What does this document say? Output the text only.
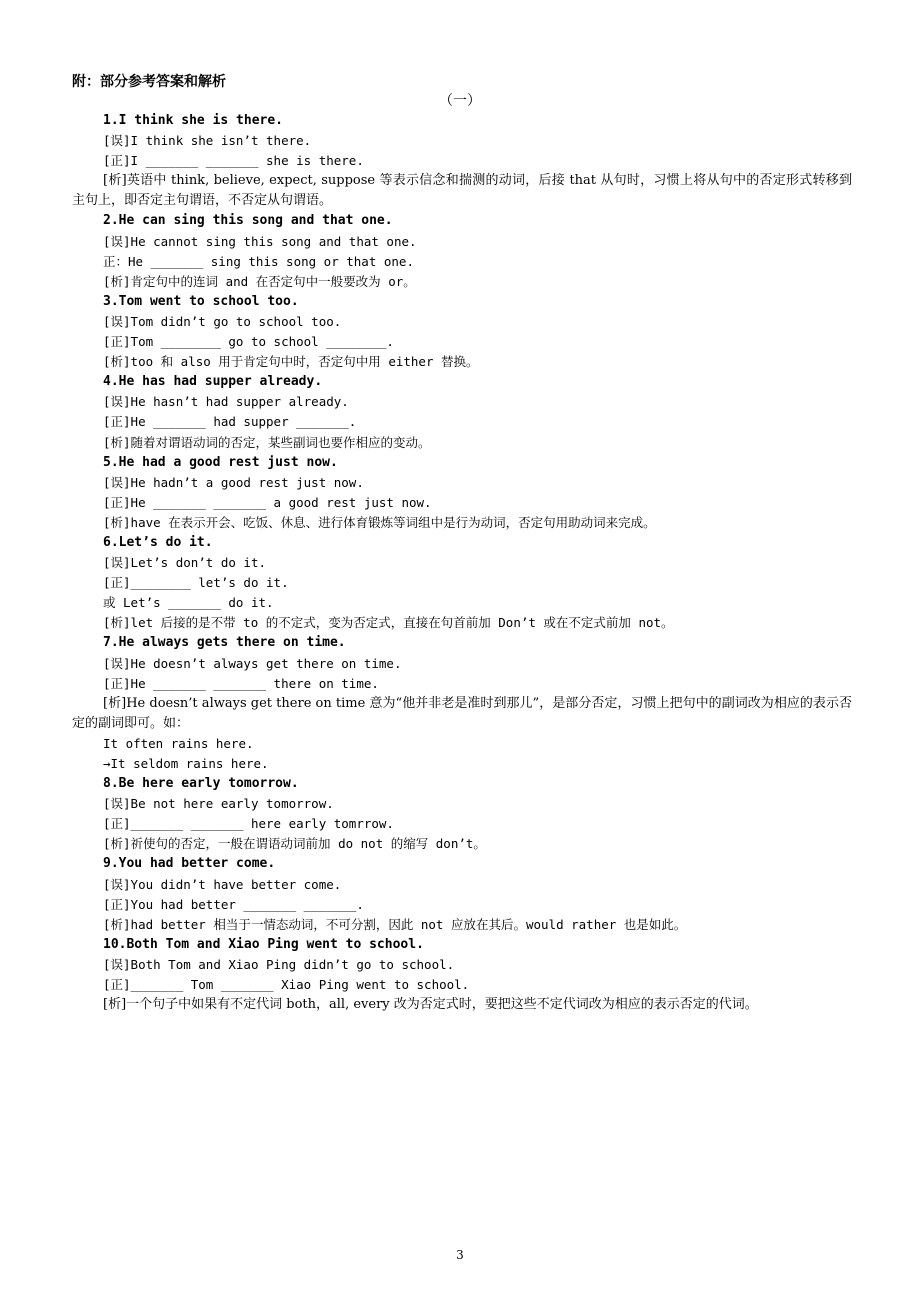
附：部分参考答案和解析
（一）
1.I think she is there.
[误]I think she isn’t there.
[正]I _______ _______ she is there.
[析]英语中 think, believe, expect, suppose 等表示信念和揣测的动词，后接 that 从句时，习惯上将从句中的否定形式转移到主句上，即否定主句谓语，不否定从句谓语。
2.He can sing this song and that one.
[误]He cannot sing this song and that one.
正：He _______ sing this song or that one.
[析]肯定句中的连词 and 在否定句中一般要改为 or。
3.Tom went to school too.
[误]Tom didn’t go to school too.
[正]Tom ________ go to school ________.
[析]too 和 also 用于肯定句中时，否定句中用 either 替换。
4.He has had supper already.
[误]He hasn’t had supper already.
[正]He _______ had supper _______.
[析]随着对谓语动词的否定，某些副词也要作相应的变动。
5.He had a good rest just now.
[误]He hadn’t a good rest just now.
[正]He _______ _______ a good rest just now.
[析]have 在表示开会、吃饭、休息、进行体育锻炼等词组中是行为动词，否定句用助动词来完成。
6.Let’s do it.
[误]Let’s don’t do it.
[正]________ let’s do it.
或 Let’s _______ do it.
[析]let 后接的是不带 to 的不定式，变为否定式，直接在句首前加 Don’t 或在不定式前加 not。
7.He always gets there on time.
[误]He doesn’t always get there on time.
[正]He _______ _______ there on time.
[析]He doesn’t always get there on time 意为“他并非老是准时到那儿”，是部分否定，习惯上把句中的副词改为相应的表示否定的副词即可。如：
It often rains here.
→It seldom rains here.
8.Be here early tomorrow.
[误]Be not here early tomorrow.
[正]_______ _______ here early tomrrow.
[析]祈使句的否定，一般在谓语动词前加 do not 的缩写 don’t。
9.You had better come.
[误]You didn’t have better come.
[正]You had better _______ _______.
[析]had better 相当于一情态动词，不可分割，因此 not 应放在其后。would rather 也是如此。
10.Both Tom and Xiao Ping went to school.
[误]Both Tom and Xiao Ping didn’t go to school.
[正]_______ Tom _______ Xiao Ping went to school.
[析]一个句子中如果有不定代词 both，all, every 改为否定式时，要把这些不定代词改为相应的表示否定的代词。
3
